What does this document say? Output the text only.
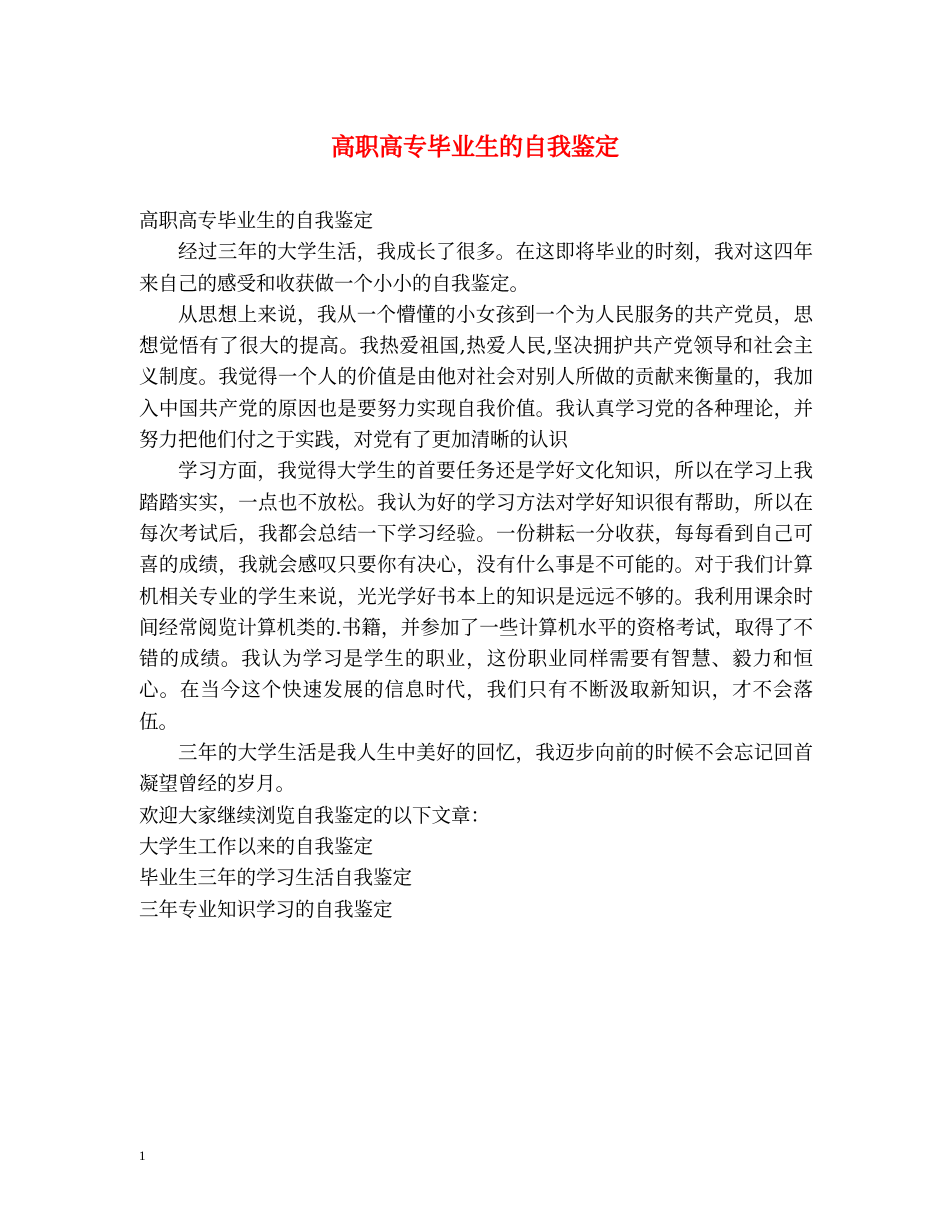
高职高专毕业生的自我鉴定

高职高专毕业生的自我鉴定

经过三年的大学生活，我成长了很多。在这即将毕业的时刻，我对这四年来自己的感受和收获做一个小小的自我鉴定。

从思想上来说，我从一个懵懂的小女孩到一个为人民服务的共产党员，思想觉悟有了很大的提高。我热爱祖国,热爱人民,坚决拥护共产党领导和社会主义制度。我觉得一个人的价值是由他对社会对别人所做的贡献来衡量的，我加入中国共产党的原因也是要努力实现自我价值。我认真学习党的各种理论，并努力把他们付之于实践，对党有了更加清晰的认识

学习方面，我觉得大学生的首要任务还是学好文化知识，所以在学习上我踏踏实实，一点也不放松。我认为好的学习方法对学好知识很有帮助，所以在每次考试后，我都会总结一下学习经验。一份耕耘一分收获，每每看到自己可喜的成绩，我就会感叹只要你有决心，没有什么事是不可能的。对于我们计算机相关专业的学生来说，光光学好书本上的知识是远远不够的。我利用课余时间经常阅览计算机类的.书籍，并参加了一些计算机水平的资格考试，取得了不错的成绩。我认为学习是学生的职业，这份职业同样需要有智慧、毅力和恒心。在当今这个快速发展的信息时代，我们只有不断汲取新知识，才不会落伍。

三年的大学生活是我人生中美好的回忆，我迈步向前的时候不会忘记回首凝望曾经的岁月。

欢迎大家继续浏览自我鉴定的以下文章：

大学生工作以来的自我鉴定

毕业生三年的学习生活自我鉴定

三年专业知识学习的自我鉴定

1
